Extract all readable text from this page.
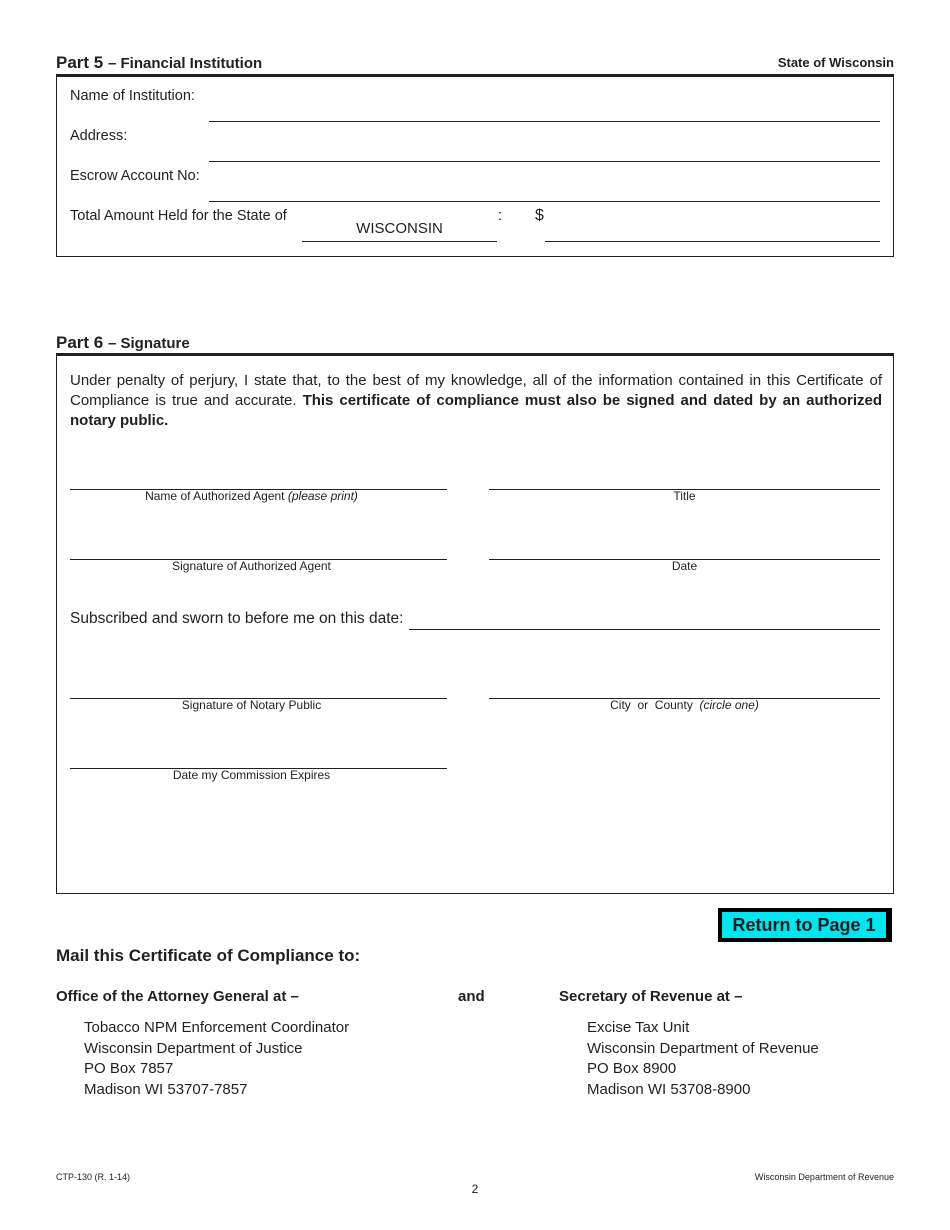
Part 5 – Financial Institution	State of Wisconsin
Name of Institution:
Address:
Escrow Account No:
Total Amount Held for the State of
WISCONSIN
: $
Part 6 – Signature
Under penalty of perjury, I state that, to the best of my knowledge, all of the information contained in this Certificate of Compliance is true and accurate. This certificate of compliance must also be signed and dated by an authorized notary public.
Name of Authorized Agent (please print)	Title
Signature of Authorized Agent	Date
Subscribed and sworn to before me on this date:
Signature of Notary Public	City  or  County (circle one)
Date my Commission Expires
Return to Page 1
Mail this Certificate of Compliance to:
Office of the Attorney General at –	and	Secretary of Revenue at –
Tobacco NPM Enforcement Coordinator
Wisconsin Department of Justice
PO Box 7857
Madison WI 53707-7857
Excise Tax Unit
Wisconsin Department of Revenue
PO Box 8900
Madison WI 53708-8900
CTP-130 (R. 1-14)
2
Wisconsin Department of Revenue
